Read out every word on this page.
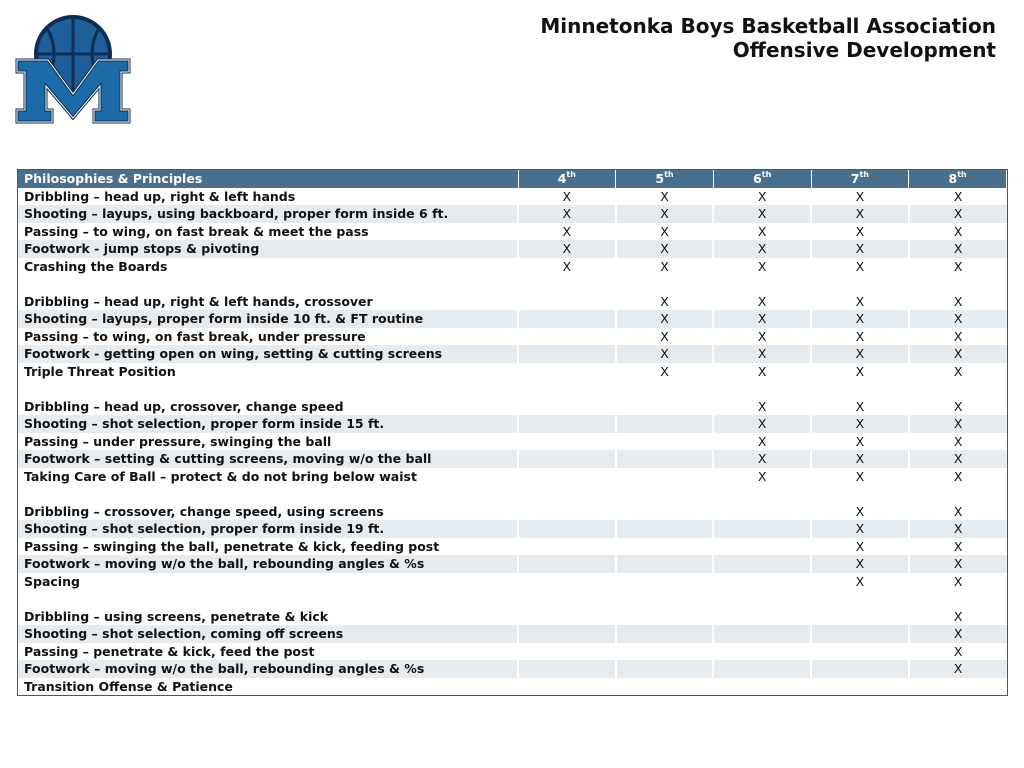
Minnetonka Boys Basketball Association
Offensive Development
Philosophies & Principles	4th	5th	6th	7th	8th
Dribbling – head up, right & left hands	X	X	X	X	X
Shooting – layups, using backboard, proper form inside 6 ft.	X	X	X	X	X
Passing – to wing, on fast break & meet the pass	X	X	X	X	X
Footwork - jump stops & pivoting	X	X	X	X	X
Crashing the Boards	X	X	X	X	X

Dribbling – head up, right & left hands, crossover		X	X	X	X
Shooting – layups, proper form inside 10 ft. & FT routine		X	X	X	X
Passing – to wing, on fast break, under pressure		X	X	X	X
Footwork - getting open on wing, setting & cutting screens		X	X	X	X
Triple Threat Position		X	X	X	X

Dribbling – head up, crossover, change speed			X	X	X
Shooting – shot selection, proper form inside 15 ft.			X	X	X
Passing – under pressure, swinging the ball			X	X	X
Footwork – setting & cutting screens, moving w/o the ball			X	X	X
Taking Care of Ball – protect & do not bring below waist			X	X	X

Dribbling – crossover, change speed, using screens				X	X
Shooting – shot selection, proper form inside 19 ft.				X	X
Passing – swinging the ball, penetrate & kick, feeding post				X	X
Footwork – moving w/o the ball, rebounding angles & %s				X	X
Spacing				X	X

Dribbling – using screens, penetrate & kick					X
Shooting – shot selection, coming off screens					X
Passing – penetrate & kick, feed the post					X
Footwork – moving w/o the ball, rebounding angles & %s					X
Transition Offense & Patience					
